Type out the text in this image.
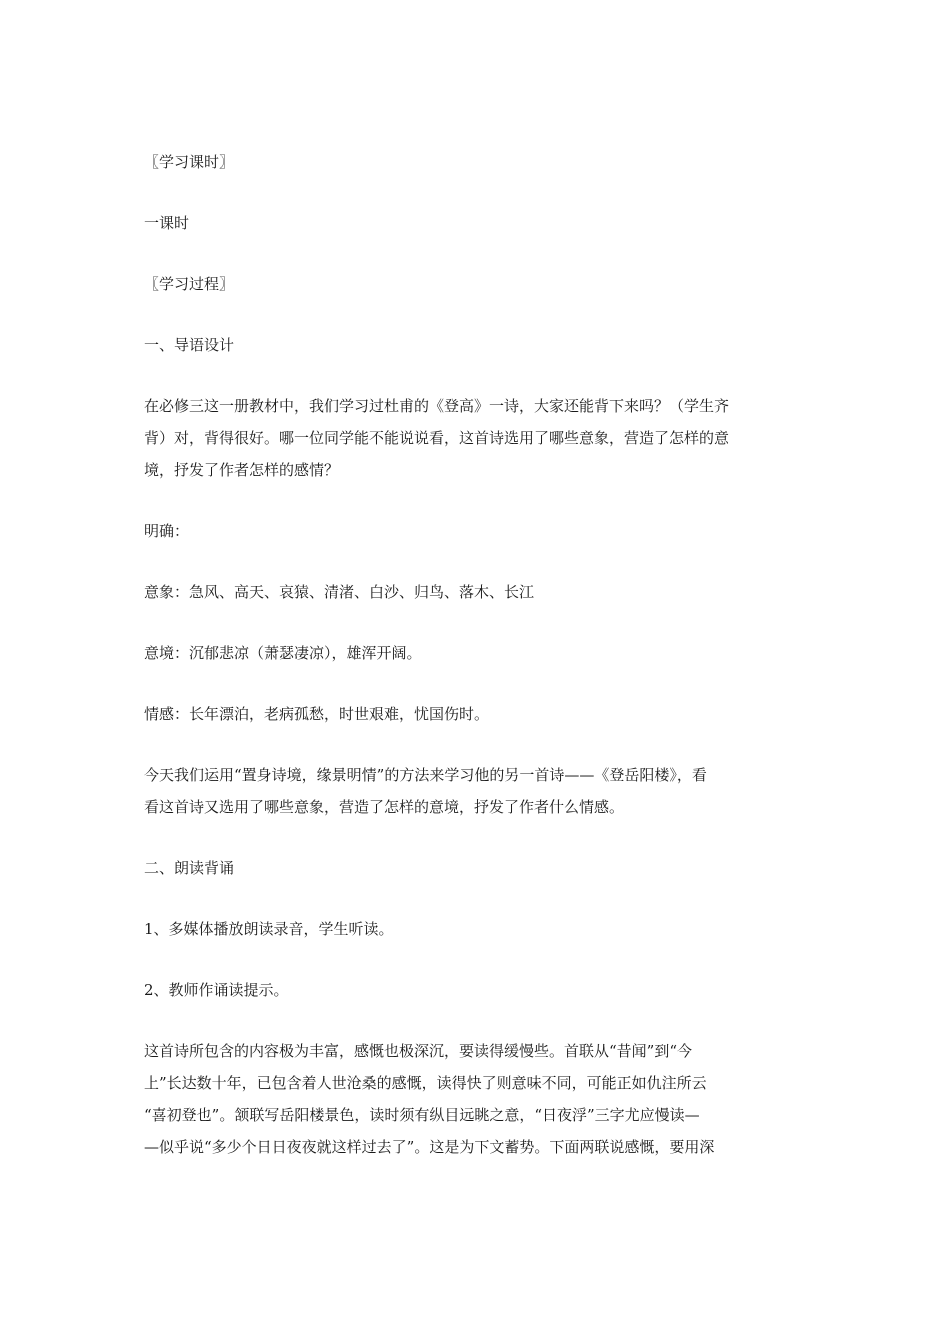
〖学习课时〗

一课时

〖学习过程〗

一、导语设计

在必修三这一册教材中，我们学习过杜甫的《登高》一诗，大家还能背下来吗？（学生齐
背）对，背得很好。哪一位同学能不能说说看，这首诗选用了哪些意象，营造了怎样的意
境，抒发了作者怎样的感情？

明确：

意象：急风、高天、哀猿、清渚、白沙、归鸟、落木、长江

意境：沉郁悲凉（萧瑟凄凉），雄浑开阔。

情感：长年漂泊，老病孤愁，时世艰难，忧国伤时。

今天我们运用“置身诗境，缘景明情”的方法来学习他的另一首诗——《登岳阳楼》，看
看这首诗又选用了哪些意象，营造了怎样的意境，抒发了作者什么情感。

二、朗读背诵

1、多媒体播放朗读录音，学生听读。

2、教师作诵读提示。

这首诗所包含的内容极为丰富，感慨也极深沉，要读得缓慢些。首联从“昔闻”到“今
上”长达数十年，已包含着人世沧桑的感慨，读得快了则意味不同，可能正如仇注所云
“喜初登也”。颔联写岳阳楼景色，读时须有纵目远眺之意，“日夜浮”三字尤应慢读—
—似乎说“多少个日日夜夜就这样过去了”。这是为下文蓄势。下面两联说感慨，要用深
